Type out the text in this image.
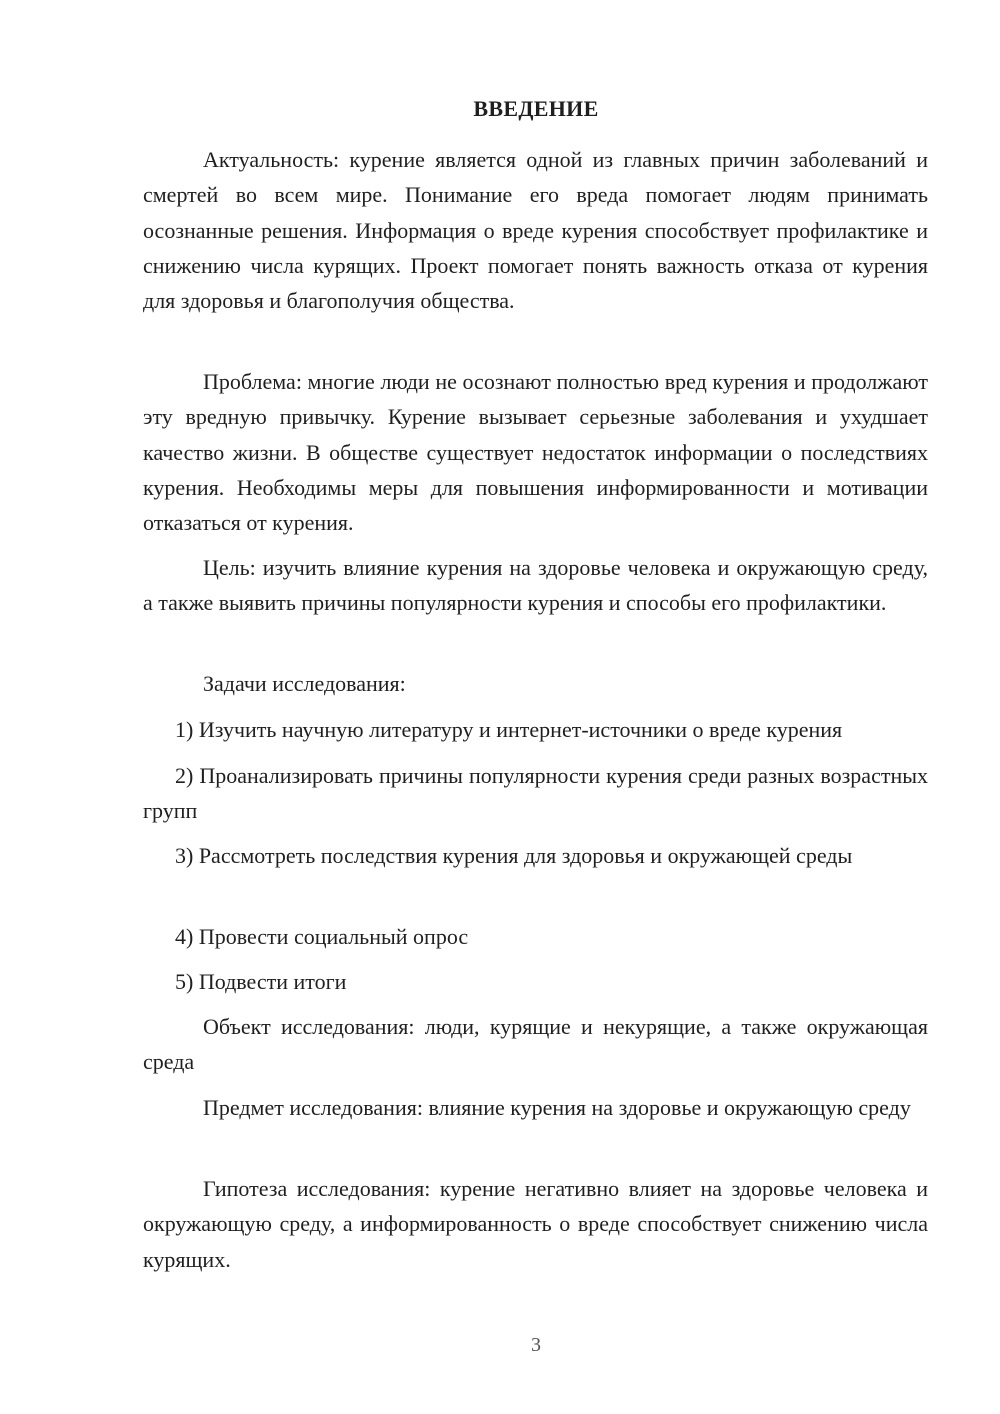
ВВЕДЕНИЕ

Актуальность: курение является одной из главных причин заболеваний и смертей во всем мире. Понимание его вреда помогает людям принимать осознанные решения. Информация о вреде курения способствует профилактике и снижению числа курящих. Проект помогает понять важность отказа от курения для здоровья и благополучия общества.

Проблема: многие люди не осознают полностью вред курения и продолжают эту вредную привычку. Курение вызывает серьезные заболевания и ухудшает качество жизни. В обществе существует недостаток информации о последствиях курения. Необходимы меры для повышения информированности и мотивации отказаться от курения.

Цель: изучить влияние курения на здоровье человека и окружающую среду, а также выявить причины популярности курения и способы его профилактики.

Задачи исследования:

1) Изучить научную литературу и интернет-источники о вреде курения

2) Проанализировать причины популярности курения среди разных возрастных групп

3) Рассмотреть последствия курения для здоровья и окружающей среды

4) Провести социальный опрос

5) Подвести итоги

Объект исследования: люди, курящие и некурящие, а также окружающая среда

Предмет исследования: влияние курения на здоровье и окружающую среду

Гипотеза исследования: курение негативно влияет на здоровье человека и окружающую среду, а информированность о вреде способствует снижению числа курящих.

3
